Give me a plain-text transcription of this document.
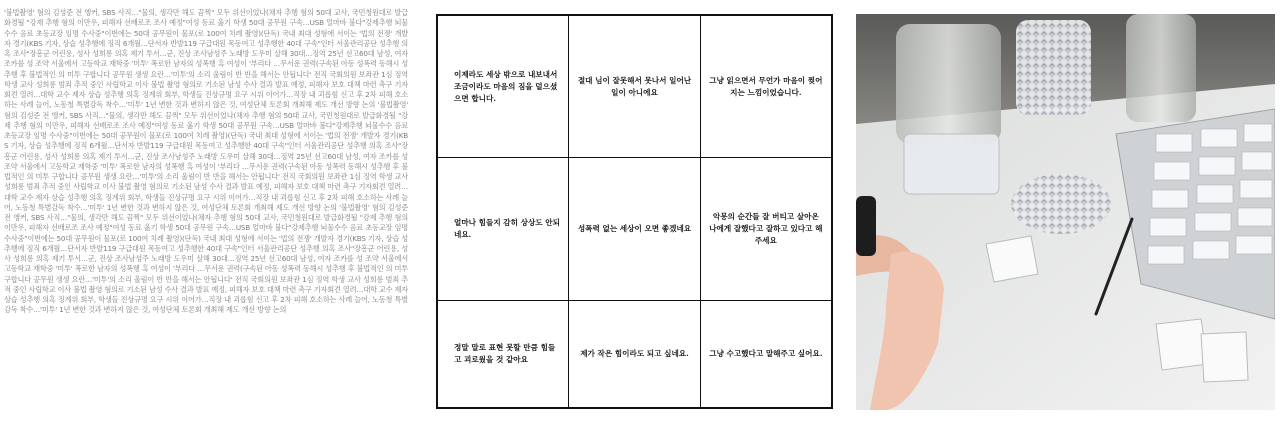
'불법촬영' 혐의 김성준 전 앵커, SBS 사직…"물의, 생각만 해도 끔찍" 모두 위선이었나(채자 추행 혐의 50대 교사, 국민청원대로 발급화경될 "강제 추행 혐의 이만우, 피해자 선배로조 조사 예정"여성 동료 옳기 학생 50대 공무원 구속…USB 얼마바 불다"강제추행 뇌물수수 음료 초등교장 임명 수사중"이번에는 50대 공무원이 물포(로 100여 치례 촬영)(단독) 국내 최대 성형에 서이는 '법의 전쟁' 개발자 경기(KBS 기자, 상습 성추행에 징직 6개월…단서자 반발119 구급대원 목동여고 성추행한 40대 구속"인터 서울관리공단 성추행 의혹 조사"장흥군 어린용, 성사 성희롱 의혹 제기 투서…군, 진상 조사남성주 노래방 도우미 살해 30대…징역 25년 선고60대 남성, 여자 조카를 성 조약 서울에서 고등학교 재학중 '미투' 폭로한 남자의 성폭행 흑 여성이 '부리다 …무서운 권력(구속된 아동 성폭력 동해시 성추행 후 불법적인 의 미투 구합니다 공무원 생생 요란…'미투'의 소리 울림이 반 반을 해서는 안됩니다' 전직 국회의원 보좌관 1심 징역 학생 교사 성희롱 범죄 추적 중인 사립학교 이사 불법 촬영 혐의로 기소된 남성 수사 결과 발표 예정, 피해자 보호 대책 마련 촉구 기자회견 열려…대학 교수 제자 상습 성추행 의혹 징계위 회부, 학생들 진상규명 요구 시위 이어가…직장 내 괴롭힘 신고 후 2차 피해 호소하는 사례 늘어, 노동청 특별감독 착수…'미투' 1년 변한 것과 변하지 않은 것, 여성단체 토론회 개최해 제도 개선 방향 논의 '불법촬영' 혐의 김성준 전 앵커, SBS 사직…"물의, 생각만 해도 끔찍" 모두 위선이었나(채자 추행 혐의 50대 교사, 국민청원대로 발급화경될 "강제 추행 혐의 이만우, 피해자 선배로조 조사 예정"여성 동료 옳기 학생 50대 공무원 구속…USB 얼마바 불다"강제추행 뇌물수수 음료 초등교장 임명 수사중"이번에는 50대 공무원이 물포(로 100여 치례 촬영)(단독) 국내 최대 성형에 서이는 '법의 전쟁' 개발자 경기(KBS 기자, 상습 성추행에 징직 6개월…단서자 반발119 구급대원 목동여고 성추행한 40대 구속"인터 서울관리공단 성추행 의혹 조사"장흥군 어린용, 성사 성희롱 의혹 제기 투서…군, 진상 조사남성주 노래방 도우미 살해 30대…징역 25년 선고60대 남성, 여자 조카를 성 조약 서울에서 고등학교 재학중 '미투' 폭로한 남자의 성폭행 흑 여성이 '부리다 …무서운 권력(구속된 아동 성폭력 동해시 성추행 후 불법적인 의 미투 구합니다 공무원 생생 요란…'미투'의 소리 울림이 반 반을 해서는 안됩니다' 전직 국회의원 보좌관 1심 징역 학생 교사 성희롱 범죄 추적 중인 사립학교 이사 불법 촬영 혐의로 기소된 남성 수사 결과 발표 예정, 피해자 보호 대책 마련 촉구 기자회견 열려…대학 교수 제자 상습 성추행 의혹 징계위 회부, 학생들 진상규명 요구 시위 이어가…직장 내 괴롭힘 신고 후 2차 피해 호소하는 사례 늘어, 노동청 특별감독 착수…'미투' 1년 변한 것과 변하지 않은 것, 여성단체 토론회 개최해 제도 개선 방향 논의 '불법촬영' 혐의 김성준 전 앵커, SBS 사직…"물의, 생각만 해도 끔찍" 모두 위선이었나(채자 추행 혐의 50대 교사, 국민청원대로 발급화경될 "강제 추행 혐의 이만우, 피해자 선배로조 조사 예정"여성 동료 옳기 학생 50대 공무원 구속…USB 얼마바 불다"강제추행 뇌물수수 음료 초등교장 임명 수사중"이번에는 50대 공무원이 물포(로 100여 치례 촬영)(단독) 국내 최대 성형에 서이는 '법의 전쟁' 개발자 경기(KBS 기자, 상습 성추행에 징직 6개월…단서자 반발119 구급대원 목동여고 성추행한 40대 구속"인터 서울관리공단 성추행 의혹 조사"장흥군 어린용, 성사 성희롱 의혹 제기 투서…군, 진상 조사남성주 노래방 도우미 살해 30대…징역 25년 선고60대 남성, 여자 조카를 성 조약 서울에서 고등학교 재학중 '미투' 폭로한 남자의 성폭행 흑 여성이 '부리다 …무서운 권력(구속된 아동 성폭력 동해시 성추행 후 불법적인 의 미투 구합니다 공무원 생생 요란…'미투'의 소리 울림이 반 반을 해서는 안됩니다' 전직 국회의원 보좌관 1심 징역 학생 교사 성희롱 범죄 추적 중인 사립학교 이사 불법 촬영 혐의로 기소된 남성 수사 결과 발표 예정, 피해자 보호 대책 마련 촉구 기자회견 열려…대학 교수 제자 상습 성추행 의혹 징계위 회부, 학생들 진상규명 요구 시위 이어가…직장 내 괴롭힘 신고 후 2차 피해 호소하는 사례 늘어, 노동청 특별감독 착수…'미투' 1년 변한 것과 변하지 않은 것, 여성단체 토론회 개최해 제도 개선 방향 논의
이제라도 세상 밖으로 내보내서 조금이라도 마음의 짐을 덜으셨으면 합니다.	절대 님이 잘못해서 못나서 일어난 일이 아니에요	그냥 읽으면서 무언가 마음이 찢어지는 느낌이었습니다.
얼마나 힘들지 감히 상상도 안되네요.	성폭력 없는 세상이 오면 좋겠네요	악몽의 순간들 잘 버티고 살아온 나에게 잘했다고 잘하고 있다고 해주세요
정말 말로 표현 못할 만큼 힘들고 괴로웠을 것 같아요	제가 작은 힘이라도 되고 싶네요.	그냥 수고했다고 말해주고 싶어요.
